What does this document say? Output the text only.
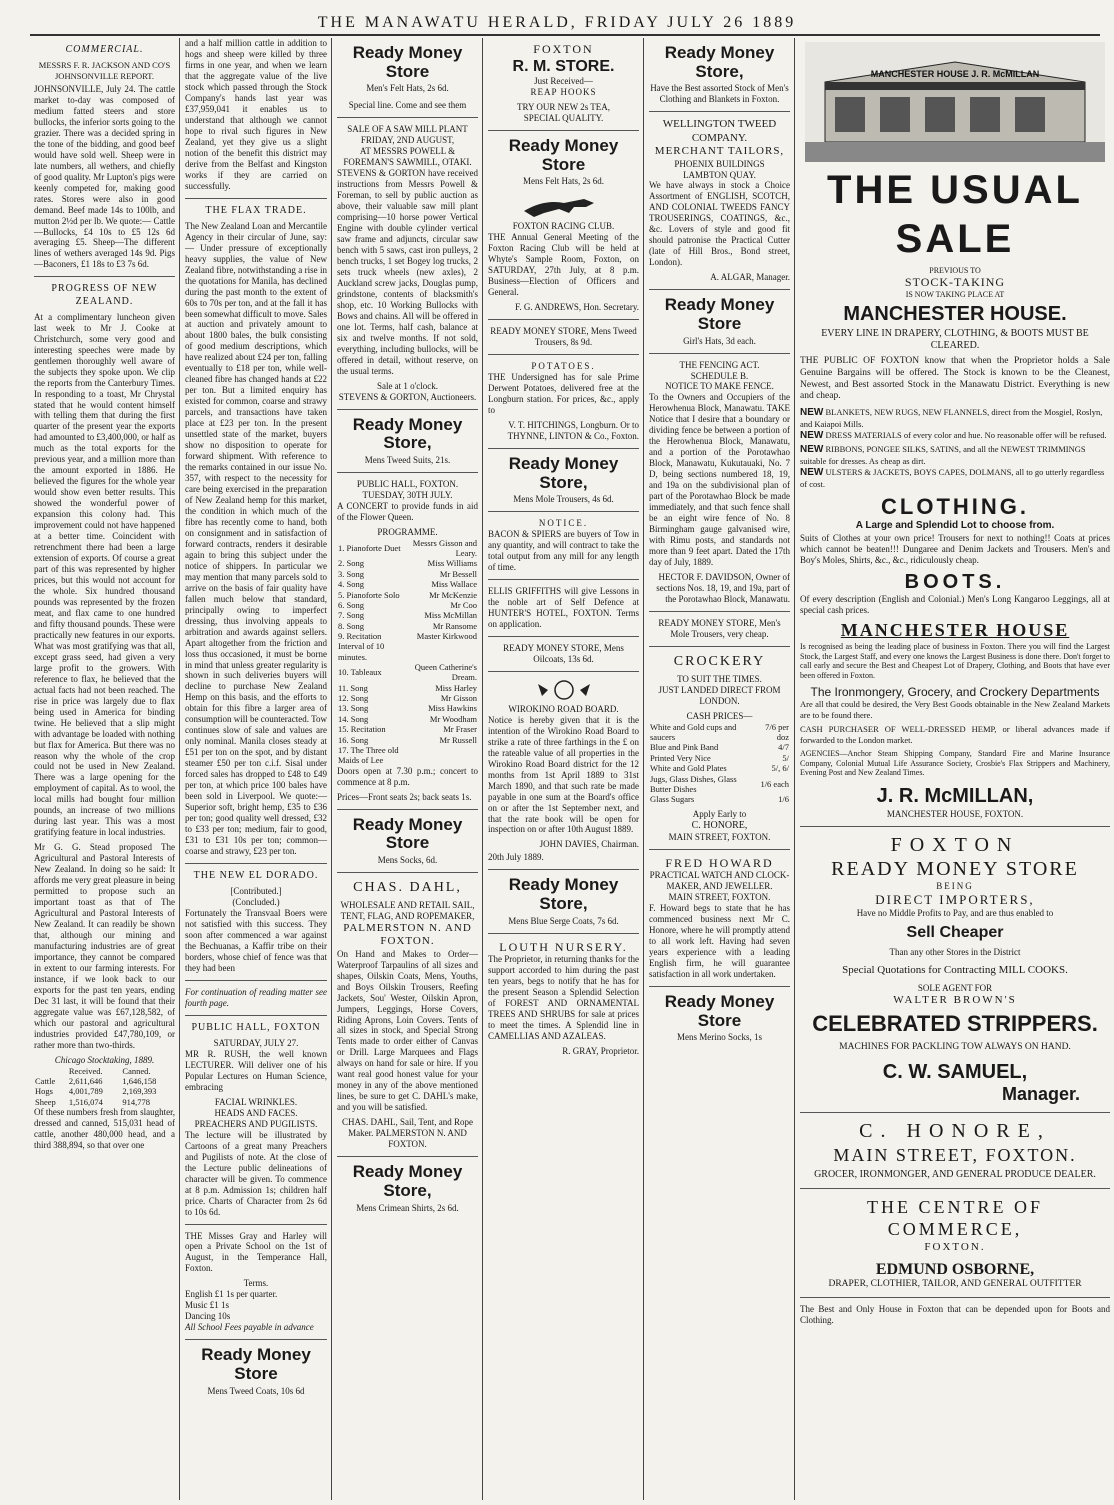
THE MANAWATU HERALD, FRIDAY JULY 26 1889
COMMERCIAL.
MESSRS F. R. JACKSON AND CO'S JOHNSONVILLE REPORT.

JOHNSONVILLE, July 24. The cattle market to-day was composed of medium fatted steers and store bullocks, the inferior sorts going to the grazier. There was a decided spring in the tone of the bidding, and good beef would have sold well. Sheep were in late numbers, all wethers, and chiefly of good quality. Mr Lupton's pigs were keenly competed for, making good rates. Stores were also in good demand. Beef made 14s to 100lb, and mutton 2½d per lb. We quote:— Cattle—Bullocks, £4 10s to £5 12s 6d averaging £5. Sheep—The different lines of wethers averaged 14s 9d. Pigs—Baconers, £1 18s to £3 7s 6d.

PROGRESS OF NEW ZEALAND.

At a complimentary luncheon given last week to Mr J. Cooke at Christchurch, some very good and interesting speeches were made by gentlemen thoroughly well aware of the subjects they spoke upon. We clip the reports from the Canterbury Times. In responding to a toast, Mr Chrystal stated that he would content himself with telling them that during the first quarter of the present year the exports had amounted to £3,400,000, or half as much as the total exports for the previous year, and a million more than the amount exported in 1886. He believed the figures for the whole year would show even better results. This showed the wonderful power of expansion this colony had. This improvement could not have happened at a better time. Coincident with retrenchment there had been a large extension of exports. Of course a great part of this was represented by higher prices, but this would not account for the whole. Six hundred thousand pounds was represented by the frozen meat, and flax came to one hundred and fifty thousand pounds. These were practically new features in our exports. What was most gratifying was that all, except grass seed, had given a very large profit to the growers. With reference to flax, he believed that the actual facts had not been reached. The rise in price was largely due to flax being used in America for binding twine. He believed that a slip might with advantage be loaded with nothing but flax for America. But there was no reason why the whole of the crop could not be used in New Zealand. There was a large opening for the employment of capital. As to wool, the local mills had bought four million pounds, an increase of two millions during last year. This was a most gratifying feature in local industries.

Mr G. G. Stead proposed The Agricultural and Pastoral Interests of New Zealand. In doing so he said: It affords me very great pleasure in being permitted to propose such an important toast as that of The Agricultural and Pastoral Interests of New Zealand. It can readily be shown that, although our mining and manufacturing industries are of great importance, they cannot be compared in extent to our farming interests. For instance, if we look back to our exports for the past ten years, ending Dec 31 last, it will be found that their aggregate value was £67,128,582, of which our pastoral and agricultural industries provided £47,780,109, or rather more than two-thirds.

Chicago Stocktaking, 1889.
	Received.	Canned.
Cattle	2,611,646	1,646,158
Hogs	4,001,789	2,169,393
Sheep	1,516,074	914,778

Of these numbers fresh from slaughter, dressed and canned, 515,031 head of cattle, another 480,000 head, and a third 388,894, so that over one

and a half million cattle in addition to hogs and sheep were killed by three firms in one year, and when we learn that the aggregate value of the live stock which passed through the Stock Company's hands last year was £37,959,041 it enables us to understand that although we cannot hope to rival such figures in New Zealand, yet they give us a slight notion of the benefit this district may derive from the Belfast and Kingston works if they are carried on successfully.

THE FLAX TRADE.

The New Zealand Loan and Mercantile Agency in their circular of June, say:— Under pressure of exceptionally heavy supplies, the value of New Zealand fibre, notwithstanding a rise in the quotations for Manila, has declined during the past month to the extent of 60s to 70s per ton, and at the fall it has been somewhat difficult to move. Sales at auction and privately amount to about 1800 bales, the bulk consisting of good medium descriptions, which have realized about £24 per ton, falling eventually to £18 per ton, while well-cleaned fibre has changed hands at £22 per ton. But a limited enquiry has existed for common, coarse and strawy parcels, and transactions have taken place at £23 per ton. In the present unsettled state of the market, buyers show no disposition to operate for forward shipment. With reference to the remarks contained in our issue No. 357, with respect to the necessity for care being exercised in the preparation of New Zealand hemp for this market, the condition in which much of the fibre has recently come to hand, both on consignment and in satisfaction of forward contracts, renders it desirable again to bring this subject under the notice of shippers. In particular we may mention that many parcels sold to arrive on the basis of fair quality have fallen much below that standard, principally owing to imperfect dressing, thus involving appeals to arbitration and awards against sellers. Apart altogether from the friction and loss thus occasioned, it must be borne in mind that unless greater regularity is shown in such deliveries buyers will decline to purchase New Zealand Hemp on this basis, and the efforts to obtain for this fibre a larger area of consumption will be counteracted. Tow continues slow of sale and values are only nominal. Manila closes steady at £51 per ton on the spot, and by distant steamer £50 per ton c.i.f. Sisal under forced sales has dropped to £48 to £49 per ton, at which price 100 bales have been sold in Liverpool. We quote:— Superior soft, bright hemp, £35 to £36 per ton; good quality well dressed, £32 to £33 per ton; medium, fair to good, £31 to £31 10s per ton; common—coarse and strawy, £23 per ton.

THE NEW EL DORADO.
[Contributed.]
(Concluded.)

Fortunately the Transvaal Boers were not satisfied with this success. They soon after commenced a war against the Bechuanas, a Kaffir tribe on their borders, whose chief of fence was that they had been

For continuation of reading matter see fourth page.

PUBLIC HALL, FOXTON
SATURDAY, JULY 27.

MR R. RUSH, the well known LECTURER. Will deliver one of his Popular Lectures on Human Science, embracing

FACIAL WRINKLES.
HEADS AND FACES.
PREACHERS AND PUGILISTS.

The lecture will be illustrated by Cartoons of a great many Preachers and Pugilists of note. At the close of the Lecture public delineations of character will be given. To commence at 8 p.m. Admission 1s; children half price. Charts of Character from 2s 6d to 10s 6d.

THE Misses Gray and Harley will open a Private School on the 1st of August, in the Temperance Hall, Foxton.

Terms.
English £1 1s per quarter.
Music £1 1s
Dancing 10s

All School Fees payable in advance

Ready Money Store
Mens Tweed Coats, 10s 6d
Ready Money Store
Men's Felt Hats, 2s 6d.
Special line. Come and see them
SALE OF A SAW MILL PLANT
FRIDAY, 2ND AUGUST,
AT MESSRS POWELL & FOREMAN'S SAWMILL, OTAKI.

STEVENS & GORTON have received instructions from Messrs Powell & Foreman, to sell by public auction as above, their valuable saw mill plant comprising—10 horse power Vertical Engine with double cylinder vertical saw frame and adjuncts, circular saw bench with 5 saws, cast iron pulleys, 2 bench trucks, 1 set Bogey log trucks, 2 sets truck wheels (new axles), 2 Auckland screw jacks, Douglas pump, grindstone, contents of blacksmith's shop, etc. 10 Working Bullocks with Bows and chains. All will be offered in one lot. Terms, half cash, balance at six and twelve months. If not sold, everything, including bullocks, will be offered in detail, without reserve, on the usual terms.

Sale at 1 o'clock.
STEVENS & GORTON, Auctioneers.
Ready Money Store,
Mens Tweed Suits, 21s.
PUBLIC HALL, FOXTON.
TUESDAY, 30TH JULY.

A CONCERT to provide funds in aid of the Flower Queen.

PROGRAMME.
1. Pianoforte Duet	Messrs Gisson and Leary.
2. Song	Miss Williams
3. Song	Mr Bessell
4. Song	Miss Wallace
5. Pianoforte Solo	Mr McKenzie
6. Song	Mr Coo
7. Song	Miss McMillan
8. Song	Mr Ransome
9. Recitation	Master Kirkwood
Interval of 10 minutes.	
10. Tableaux	Queen Catherine's Dream.
11. Song	Miss Harley
12. Song	Mr Gisson
13. Song	Miss Hawkins
14. Song	Mr Woodham
15. Recitation	Mr Fraser
16. Song	Mr Russell
17. The Three old Maids of Lee	

Doors open at 7.30 p.m.; concert to commence at 8 p.m.

Prices—Front seats 2s; back seats 1s.

Ready Money Store
Mens Socks, 6d.
CHAS. DAHL,
WHOLESALE AND RETAIL SAIL, TENT, FLAG, AND ROPEMAKER,
PALMERSTON N. AND FOXTON.

On Hand and Makes to Order— Waterproof Tarpaulins of all sizes and shapes, Oilskin Coats, Mens, Youths, and Boys Oilskin Trousers, Reefing Jackets, Sou' Wester, Oilskin Apron, Jumpers, Leggings, Horse Covers, Riding Aprons, Loin Covers. Tents of all sizes in stock, and Special Strong Tents made to order either of Canvas or Drill. Large Marquees and Flags always on hand for sale or hire. If you want real good honest value for your money in any of the above mentioned lines, be sure to get C. DAHL's make, and you will be satisfied.

CHAS. DAHL, Sail, Tent, and Rope Maker. PALMERSTON N. AND FOXTON.
Ready Money Store,
Mens Crimean Shirts, 2s 6d.
FOXTON
R. M. STORE.
Just Received—
REAP HOOKS
TRY OUR NEW 2s TEA,
SPECIAL QUALITY.
Ready Money Store
Mens Felt Hats, 2s 6d.
FOXTON RACING CLUB.

THE Annual General Meeting of the Foxton Racing Club will be held at Whyte's Sample Room, Foxton, on SATURDAY, 27th July, at 8 p.m. Business—Election of Officers and General.

F. G. ANDREWS, Hon. Secretary.
READY MONEY STORE, Mens Tweed Trousers, 8s 9d.
POTATOES.

THE Undersigned has for sale Prime Derwent Potatoes, delivered free at the Longburn station. For prices, &c., apply to

V. T. HITCHINGS, Longburn. Or to THYNNE, LINTON & Co., Foxton.
Ready Money Store,
Mens Mole Trousers, 4s 6d.
NOTICE.

BACON & SPIERS are buyers of Tow in any quantity, and will contract to take the total output from any mill for any length of time.

ELLIS GRIFFITHS will give Lessons in the noble art of Self Defence at HUNTER'S HOTEL, FOXTON. Terms on application.

READY MONEY STORE, Mens Oilcoats, 13s 6d.
WIROKINO ROAD BOARD.

Notice is hereby given that it is the intention of the Wirokino Road Board to strike a rate of three farthings in the £ on the rateable value of all properties in the Wirokino Road Board district for the 12 months from 1st April 1889 to 31st March 1890, and that such rate be made payable in one sum at the Board's office on or after the 1st September next, and that the rate book will be open for inspection on or after 10th August 1889.

JOHN DAVIES, Chairman.
20th July 1889.
Ready Money Store,
Mens Blue Serge Coats, 7s 6d.
LOUTH NURSERY.

The Proprietor, in returning thanks for the support accorded to him during the past ten years, begs to notify that he has for the present Season a Splendid Selection of FOREST AND ORNAMENTAL TREES AND SHRUBS for sale at prices to meet the times. A Splendid line in CAMELLIAS AND AZALEAS.

R. GRAY, Proprietor.
Ready Money Store,
Have the Best assorted Stock of Men's Clothing and Blankets in Foxton.
WELLINGTON TWEED COMPANY.
MERCHANT TAILORS,
PHOENIX BUILDINGS
LAMBTON QUAY.

We have always in stock a Choice Assortment of ENGLISH, SCOTCH, AND COLONIAL TWEEDS FANCY TROUSERINGS, COATINGS, &c., &c. Lovers of style and good fit should patronise the Practical Cutter (late of Hill Bros., Bond street, London).

A. ALGAR, Manager.
Ready Money Store
Girl's Hats, 3d each.
THE FENCING ACT.
SCHEDULE B.
NOTICE TO MAKE FENCE.

To the Owners and Occupiers of the Herowhenua Block, Manawatu. TAKE Notice that I desire that a boundary or dividing fence be between a portion of the Herowhenua Block, Manawatu, and a portion of the Porotawhao Block, Manawatu, Kukutauaki, No. 7 D, being sections numbered 18, 19, and 19a on the subdivisional plan of part of the Porotawhao Block be made immediately, and that such fence shall be an eight wire fence of No. 8 Birmingham gauge galvanised wire, with Rimu posts, and standards not more than 9 feet apart. Dated the 17th day of July, 1889.

HECTOR F. DAVIDSON, Owner of sections Nos. 18, 19, and 19a, part of the Porotawhao Block, Manawatu.
READY MONEY STORE, Men's Mole Trousers, very cheap.
CROCKERY
TO SUIT THE TIMES.
JUST LANDED DIRECT FROM LONDON.
CASH PRICES—
White and Gold cups and saucers	7/6 per doz
Blue and Pink Band	4/7
Printed Very Nice	5/
White and Gold Plates	5/, 6/
Jugs, Glass Dishes, Glass Butter Dishes	1/6 each
Glass Sugars	1/6
Apply Early to
C. HONORE,
MAIN STREET, FOXTON.
FRED HOWARD
PRACTICAL WATCH AND CLOCK-MAKER, AND JEWELLER.
MAIN STREET, FOXTON.

F. Howard begs to state that he has commenced business next Mr C. Honore, where he will promptly attend to all work left. Having had seven years experience with a leading English firm, he will guarantee satisfaction in all work undertaken.

Ready Money Store
Mens Merino Socks, 1s
MANCHESTER HOUSE J. R. McMILLAN
THE USUAL SALE
PREVIOUS TO
STOCK-TAKING
IS NOW TAKING PLACE AT
MANCHESTER HOUSE.
EVERY LINE IN DRAPERY, CLOTHING, & BOOTS MUST BE CLEARED.

THE PUBLIC OF FOXTON know that when the Proprietor holds a Sale Genuine Bargains will be offered. The Stock is known to be the Cleanest, Newest, and Best assorted Stock in the Manawatu District. Everything is new and cheap.

NEW BLANKETS, NEW RUGS, NEW FLANNELS, direct from the Mosgiel, Roslyn, and Kaiapoi Mills.
NEW DRESS MATERIALS of every color and hue. No reasonable offer will be refused.
NEW RIBBONS, PONGEE SILKS, SATINS, and all the NEWEST TRIMMINGS suitable for dresses. As cheap as dirt.
NEW ULSTERS & JACKETS, BOYS CAPES, DOLMANS, all to go utterly regardless of cost.
CLOTHING.
A Large and Splendid Lot to choose from.

Suits of Clothes at your own price! Trousers for next to nothing!! Coats at prices which cannot be beaten!!! Dungaree and Denim Jackets and Trousers. Men's and Boy's Moles, Shirts, &c., &c., ridiculously cheap.

BOOTS.

Of every description (English and Colonial.) Men's Long Kangaroo Leggings, all at special cash prices.

MANCHESTER HOUSE

Is recognised as being the leading place of business in Foxton. There you will find the Largest Stock, the Largest Staff, and every one knows the Largest Business is done there. Don't forget to call early and secure the Best and Cheapest Lot of Drapery, Clothing, and Boots that have ever been offered in Foxton.

The Ironmongery, Grocery, and Crockery Departments

Are all that could be desired, the Very Best Goods obtainable in the New Zealand Markets are to be found there.

CASH PURCHASER OF WELL-DRESSED HEMP, or liberal advances made if forwarded to the London market.

AGENCIES—Anchor Steam Shipping Company, Standard Fire and Marine Insurance Company, Colonial Mutual Life Assurance Society, Crosbie's Flax Strippers and Machinery, Evening Post and New Zealand Times.

J. R. McMILLAN,
MANCHESTER HOUSE, FOXTON.
FOXTON
READY MONEY STORE
BEING
DIRECT IMPORTERS,
Have no Middle Profits to Pay, and are thus enabled to
Sell Cheaper
Than any other Stores in the District
Special Quotations for Contracting MILL COOKS.
SOLE AGENT FOR
WALTER BROWN'S
CELEBRATED STRIPPERS.
MACHINES FOR PACKLING TOW ALWAYS ON HAND.
C. W. SAMUEL,
Manager.
C. HONORE,
MAIN STREET, FOXTON.
GROCER, IRONMONGER, AND GENERAL PRODUCE DEALER.
THE CENTRE OF COMMERCE,
FOXTON.
EDMUND OSBORNE,
DRAPER, CLOTHIER, TAILOR, AND GENERAL OUTFITTER

The Best and Only House in Foxton that can be depended upon for Boots and Clothing.
